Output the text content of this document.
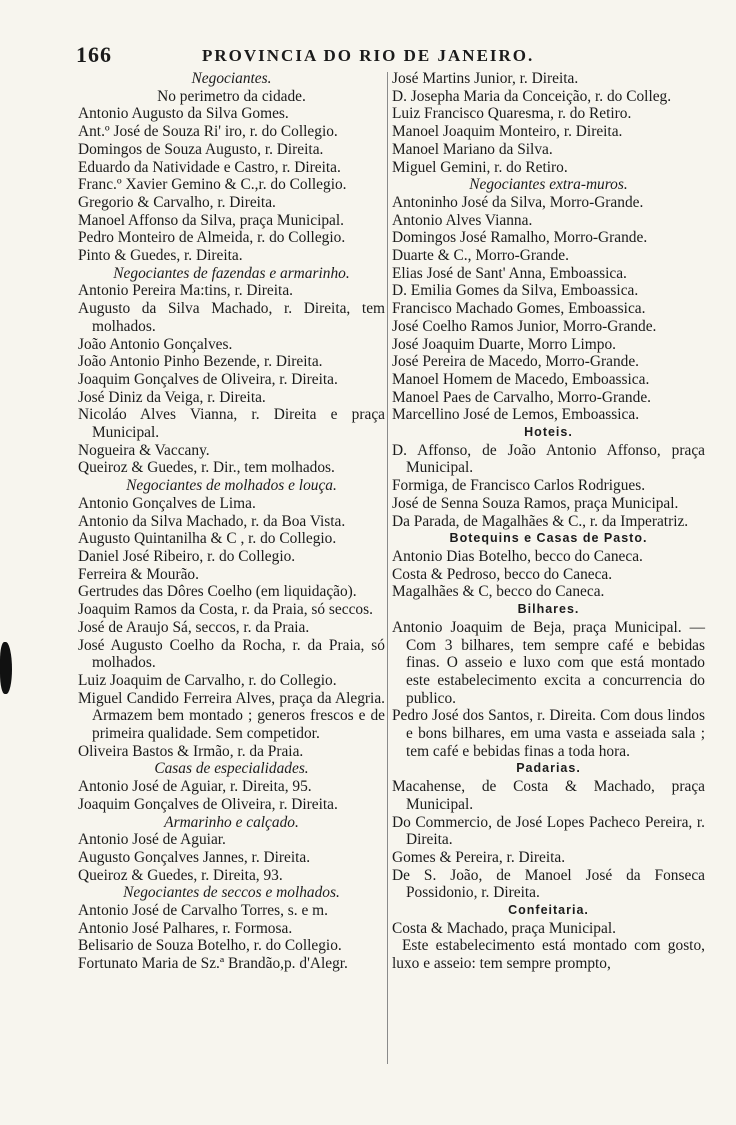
166	PROVINCIA DO RIO DE JANEIRO.
Negociantes.
No perimetro da cidade.
Antonio Augusto da Silva Gomes.
Ant.º José de Souza Ri' iro, r. do Collegio.
Domingos de Souza Augusto, r. Direita.
Eduardo da Natividade e Castro, r. Direita.
Franc.º Xavier Gemino & C.,r. do Collegio.
Gregorio & Carvalho, r. Direita.
Manoel Affonso da Silva, praça Municipal.
Pedro Monteiro de Almeida, r. do Collegio.
Pinto & Guedes, r. Direita.
Negociantes de fazendas e armarinho.
Antonio Pereira Ma:tins, r. Direita.
Augusto da Silva Machado, r. Direita, tem molhados.
João Antonio Gonçalves.
João Antonio Pinho Bezende, r. Direita.
Joaquim Gonçalves de Oliveira, r. Direita.
José Diniz da Veiga, r. Direita.
Nicoláo Alves Vianna, r. Direita e praça Municipal.
Nogueira & Vaccany.
Queiroz & Guedes, r. Dir., tem molhados.
Negociantes de molhados e louça.
Antonio Gonçalves de Lima.
Antonio da Silva Machado, r. da Boa Vista.
Augusto Quintanilha & C , r. do Collegio.
Daniel José Ribeiro, r. do Collegio.
Ferreira & Mourão.
Gertrudes das Dôres Coelho (em liquidação).
Joaquim Ramos da Costa, r. da Praia, só seccos.
José de Araujo Sá, seccos, r. da Praia.
José Augusto Coelho da Rocha, r. da Praia, só molhados.
Luiz Joaquim de Carvalho, r. do Collegio.
Miguel Candido Ferreira Alves, praça da Alegria. Armazem bem montado ; generos frescos e de primeira qualidade. Sem competidor.
Oliveira Bastos & Irmão, r. da Praia.
Casas de especialidades.
Antonio José de Aguiar, r. Direita, 95.
Joaquim Gonçalves de Oliveira, r. Direita.
Armarinho e calçado.
Antonio José de Aguiar.
Augusto Gonçalves Jannes, r. Direita.
Queiroz & Guedes, r. Direita, 93.
Negociantes de seccos e molhados.
Antonio José de Carvalho Torres, s. e m.
Antonio José Palhares, r. Formosa.
Belisario de Souza Botelho, r. do Collegio.
Fortunato Maria de Sz.ª Brandão,p. d'Alegr.
José Martins Junior, r. Direita.
D. Josepha Maria da Conceição, r. do Colleg.
Luiz Francisco Quaresma, r. do Retiro.
Manoel Joaquim Monteiro, r. Direita.
Manoel Mariano da Silva.
Miguel Gemini, r. do Retiro.
Negociantes extra-muros.
Antoninho José da Silva, Morro-Grande.
Antonio Alves Vianna.
Domingos José Ramalho, Morro-Grande.
Duarte & C., Morro-Grande.
Elias José de Sant' Anna, Emboassica.
D. Emilia Gomes da Silva, Emboassica.
Francisco Machado Gomes, Emboassica.
José Coelho Ramos Junior, Morro-Grande.
José Joaquim Duarte, Morro Limpo.
José Pereira de Macedo, Morro-Grande.
Manoel Homem de Macedo, Emboassica.
Manoel Paes de Carvalho, Morro-Grande.
Marcellino José de Lemos, Emboassica.
Hoteis.
D. Affonso, de João Antonio Affonso, praça Municipal.
Formiga, de Francisco Carlos Rodrigues.
José de Senna Souza Ramos, praça Municipal.
Da Parada, de Magalhães & C., r. da Imperatriz.
Botequins e Casas de Pasto.
Antonio Dias Botelho, becco do Caneca.
Costa & Pedroso, becco do Caneca.
Magalhães & C, becco do Caneca.
Bilhares.
Antonio Joaquim de Beja, praça Municipal. — Com 3 bilhares, tem sempre café e bebidas finas. O asseio e luxo com que está montado este estabelecimento excita a concurrencia do publico.
Pedro José dos Santos, r. Direita. Com dous lindos e bons bilhares, em uma vasta e asseiada sala ; tem café e bebidas finas a toda hora.
Padarias.
Macahense, de Costa & Machado, praça Municipal.
Do Commercio, de José Lopes Pacheco Pereira, r. Direita.
Gomes & Pereira, r. Direita.
De S. João, de Manoel José da Fonseca Possidonio, r. Direita.
Confeitaria.
Costa & Machado, praça Municipal.
Este estabelecimento está montado com gosto, luxo e asseio: tem sempre prompto,
